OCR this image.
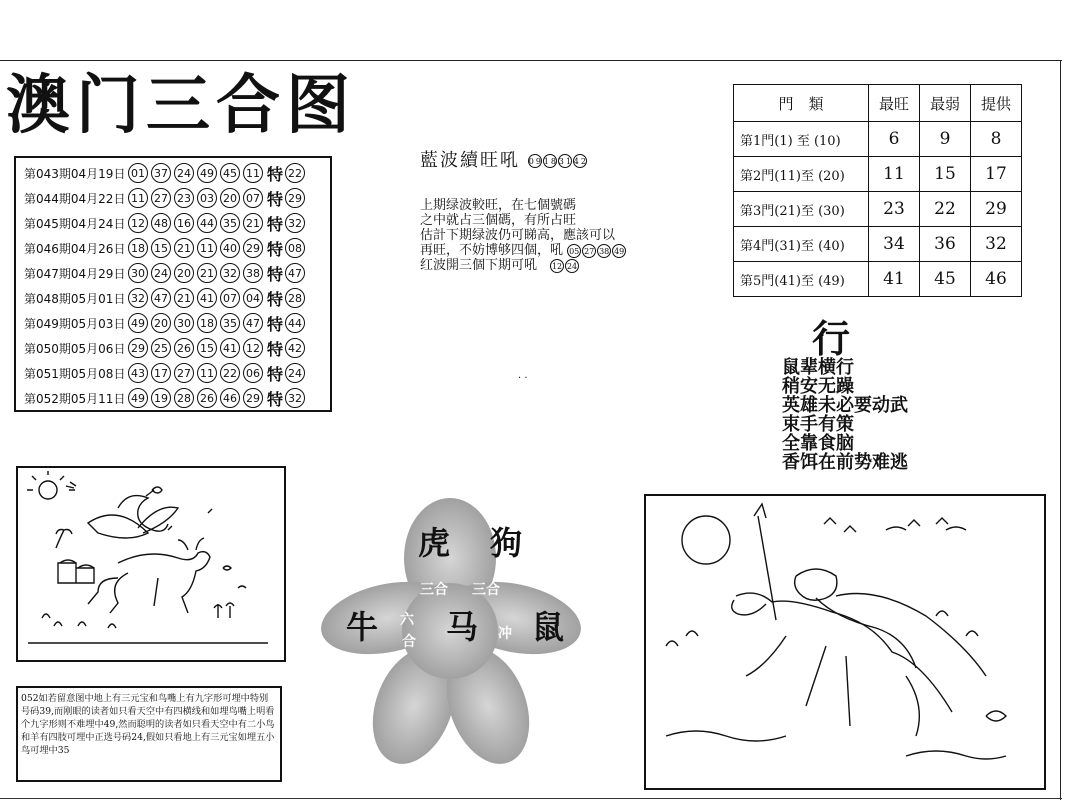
澳门三合图
第043期04月19日 01 37 24 49 45 11 特 22
第044期04月22日 11 27 23 03 20 07 特 29
第045期04月24日 12 48 16 44 35 21 特 32
第046期04月26日 18 15 21 11 40 29 特 08
第047期04月29日 30 24 20 21 32 38 特 47
第048期05月01日 32 47 21 41 07 04 特 28
第049期05月03日 49 20 30 18 35 47 特 44
第050期05月06日 29 25 26 15 41 12 特 42
第051期05月08日 43 17 27 11 22 06 特 24
第052期05月11日 49 19 28 26 46 29 特 32
藍波續旺吼 09183142
上期绿波較旺，在七個號碼
之中就占三個碼，有所占旺
估計下期绿波仍可睇高，應該可以
再旺，不妨博够四個，吼 05 27 38 49
红波開三個下期可吼　 12 24
. .
門　類	最旺	最弱	提供
第1門(1) 至 (10)	6	9	8
第2門(11)至 (20)	11	15	17
第3門(21)至 (30)	23	22	29
第4門(31)至 (40)	34	36	32
第5門(41)至 (49)	41	45	46
行
鼠辈横行
稍安无躁
英雄未必要动武
束手有策
全靠食脑
香饵在前势难逃
虎 狗
牛 马 鼠
三合 三合
六
合	冲
052如若留意图中地上有三元宝和鸟嘴上有九字形可埋中特别号码39,而刚眼的读者如只看天空中有四横线和如埋鸟嘴上明看个九字形则不难埋中49,然而聪明的读者如只看天空中有二小鸟和羊有四肢可埋中正选号码24,假如只看地上有三元宝如埋五小鸟可埋中35
